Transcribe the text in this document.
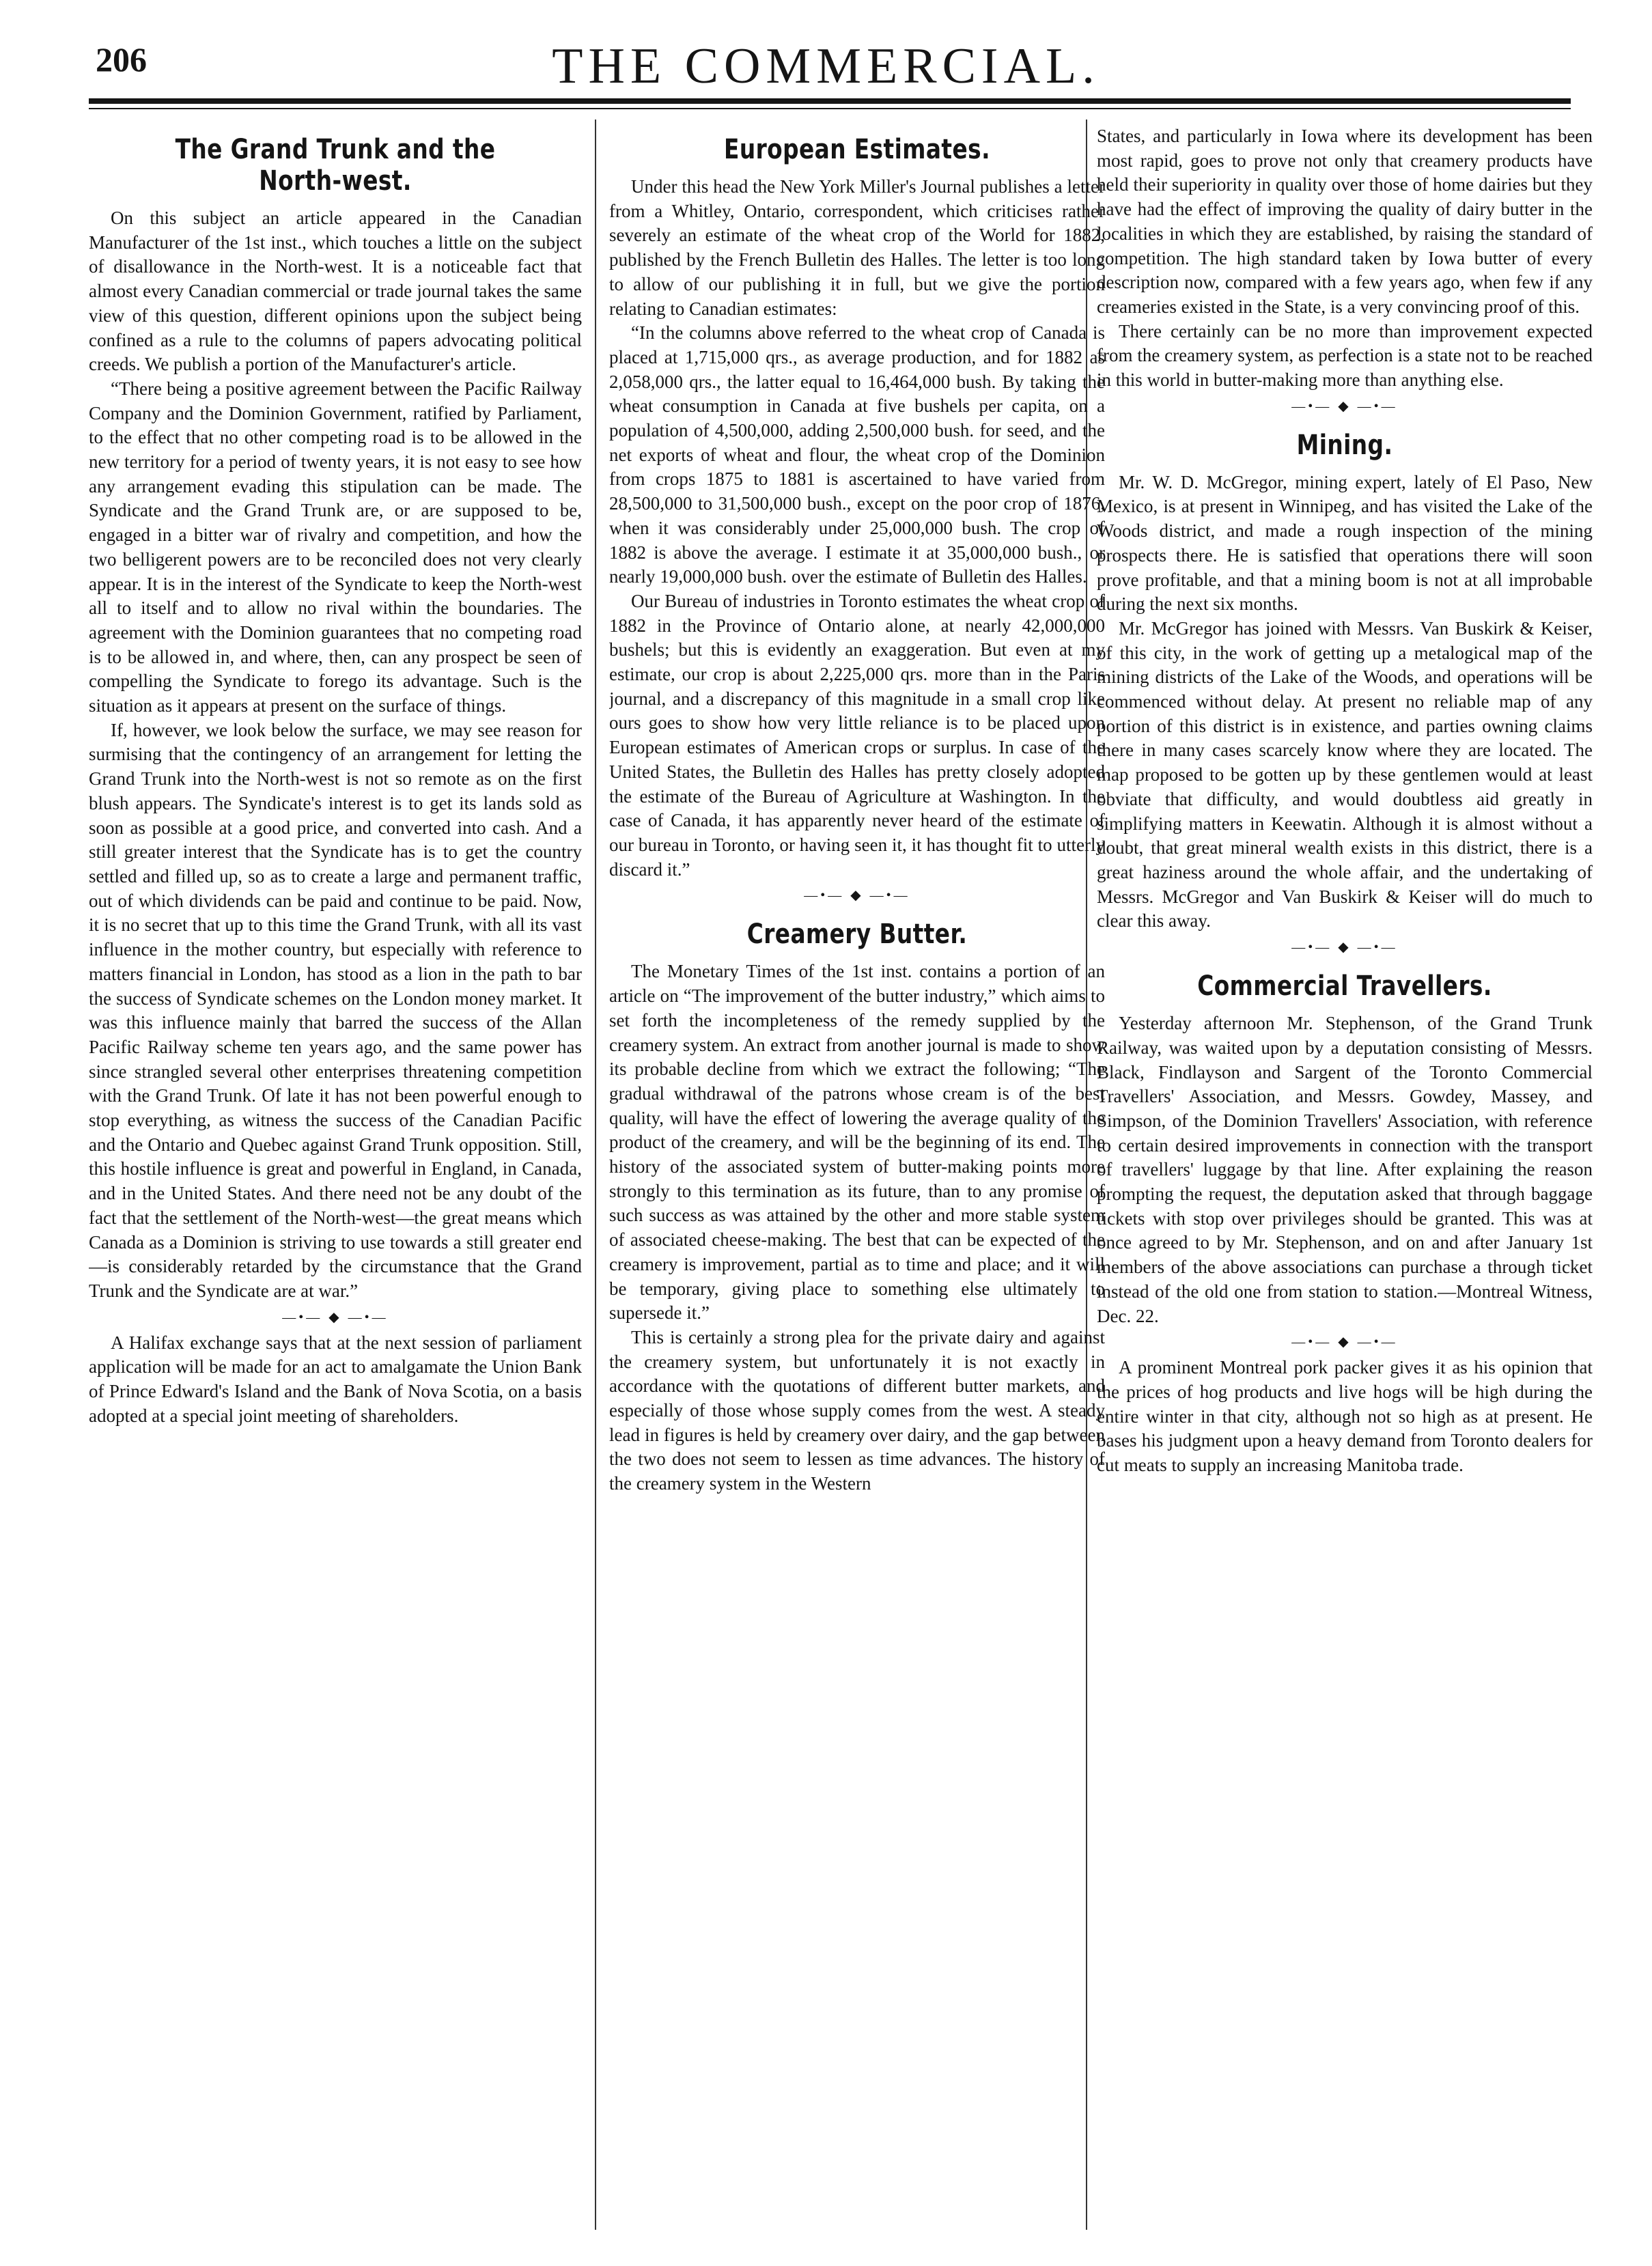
206	THE COMMERCIAL.
The Grand Trunk and the North-west.

On this subject an article appeared in the Canadian Manufacturer of the 1st inst., which touches a little on the subject of disallowance in the North-west. It is a noticeable fact that almost every Canadian commercial or trade journal takes the same view of this question, different opinions upon the subject being confined as a rule to the columns of papers advocating political creeds. We publish a portion of the Manufacturer's article.

“There being a positive agreement between the Pacific Railway Company and the Dominion Government, ratified by Parliament, to the effect that no other competing road is to be allowed in the new territory for a period of twenty years, it is not easy to see how any arrangement evading this stipulation can be made. The Syndicate and the Grand Trunk are, or are supposed to be, engaged in a bitter war of rivalry and competition, and how the two belligerent powers are to be reconciled does not very clearly appear. It is in the interest of the Syndicate to keep the North-west all to itself and to allow no rival within the boundaries. The agreement with the Dominion guarantees that no competing road is to be allowed in, and where, then, can any prospect be seen of compelling the Syndicate to forego its advantage. Such is the situation as it appears at present on the surface of things.

If, however, we look below the surface, we may see reason for surmising that the contingency of an arrangement for letting the Grand Trunk into the North-west is not so remote as on the first blush appears. The Syndicate's interest is to get its lands sold as soon as possible at a good price, and converted into cash. And a still greater interest that the Syndicate has is to get the country settled and filled up, so as to create a large and permanent traffic, out of which dividends can be paid and continue to be paid. Now, it is no secret that up to this time the Grand Trunk, with all its vast influence in the mother country, but especially with reference to matters financial in London, has stood as a lion in the path to bar the success of Syndicate schemes on the London money market. It was this influence mainly that barred the success of the Allan Pacific Railway scheme ten years ago, and the same power has since strangled several other enterprises threatening competition with the Grand Trunk. Of late it has not been powerful enough to stop everything, as witness the success of the Canadian Pacific and the Ontario and Quebec against Grand Trunk opposition. Still, this hostile influence is great and powerful in England, in Canada, and in the United States. And there need not be any doubt of the fact that the settlement of the North-west—the great means which Canada as a Dominion is striving to use towards a still greater end—is considerably retarded by the circumstance that the Grand Trunk and the Syndicate are at war.”

—•— ◆ —•—

A Halifax exchange says that at the next session of parliament application will be made for an act to amalgamate the Union Bank of Prince Edward's Island and the Bank of Nova Scotia, on a basis adopted at a special joint meeting of shareholders.

European Estimates.

Under this head the New York Miller's Journal publishes a letter from a Whitley, Ontario, correspondent, which criticises rather severely an estimate of the wheat crop of the World for 1882, published by the French Bulletin des Halles. The letter is too long to allow of our publishing it in full, but we give the portion relating to Canadian estimates:

“In the columns above referred to the wheat crop of Canada is placed at 1,715,000 qrs., as average production, and for 1882 as 2,058,000 qrs., the latter equal to 16,464,000 bush. By taking the wheat consumption in Canada at five bushels per capita, on a population of 4,500,000, adding 2,500,000 bush. for seed, and the net exports of wheat and flour, the wheat crop of the Dominion from crops 1875 to 1881 is ascertained to have varied from 28,500,000 to 31,500,000 bush., except on the poor crop of 1876, when it was considerably under 25,000,000 bush. The crop of 1882 is above the average. I estimate it at 35,000,000 bush., or nearly 19,000,000 bush. over the estimate of Bulletin des Halles.

Our Bureau of industries in Toronto estimates the wheat crop of 1882 in the Province of Ontario alone, at nearly 42,000,000 bushels; but this is evidently an exaggeration. But even at my estimate, our crop is about 2,225,000 qrs. more than in the Paris journal, and a discrepancy of this magnitude in a small crop like ours goes to show how very little reliance is to be placed upon European estimates of American crops or surplus. In case of the United States, the Bulletin des Halles has pretty closely adopted the estimate of the Bureau of Agriculture at Washington. In the case of Canada, it has apparently never heard of the estimate of our bureau in Toronto, or having seen it, it has thought fit to utterly discard it.”

—•— ◆ —•—
Creamery Butter.

The Monetary Times of the 1st inst. contains a portion of an article on “The improvement of the butter industry,” which aims to set forth the incompleteness of the remedy supplied by the creamery system. An extract from another journal is made to show its probable decline from which we extract the following; “The gradual withdrawal of the patrons whose cream is of the best quality, will have the effect of lowering the average quality of the product of the creamery, and will be the beginning of its end. The history of the associated system of butter-making points more strongly to this termination as its future, than to any promise of such success as was attained by the other and more stable system of associated cheese-making. The best that can be expected of the creamery is improvement, partial as to time and place; and it will be temporary, giving place to something else ultimately to supersede it.”

This is certainly a strong plea for the private dairy and against the creamery system, but unfortunately it is not exactly in accordance with the quotations of different butter markets, and especially of those whose supply comes from the west. A steady lead in figures is held by creamery over dairy, and the gap between the two does not seem to lessen as time advances. The history of the creamery system in the Western

States, and particularly in Iowa where its development has been most rapid, goes to prove not only that creamery products have held their superiority in quality over those of home dairies but they have had the effect of improving the quality of dairy butter in the localities in which they are established, by raising the standard of competition. The high standard taken by Iowa butter of every description now, compared with a few years ago, when few if any creameries existed in the State, is a very convincing proof of this.

There certainly can be no more than improvement expected from the creamery system, as perfection is a state not to be reached in this world in butter-making more than anything else.

—•— ◆ —•—
Mining.

Mr. W. D. McGregor, mining expert, lately of El Paso, New Mexico, is at present in Winnipeg, and has visited the Lake of the Woods district, and made a rough inspection of the mining prospects there. He is satisfied that operations there will soon prove profitable, and that a mining boom is not at all improbable during the next six months.

Mr. McGregor has joined with Messrs. Van Buskirk & Keiser, of this city, in the work of getting up a metalogical map of the mining districts of the Lake of the Woods, and operations will be commenced without delay. At present no reliable map of any portion of this district is in existence, and parties owning claims there in many cases scarcely know where they are located. The map proposed to be gotten up by these gentlemen would at least obviate that difficulty, and would doubtless aid greatly in simplifying matters in Keewatin. Although it is almost without a doubt, that great mineral wealth exists in this district, there is a great haziness around the whole affair, and the undertaking of Messrs. McGregor and Van Buskirk & Keiser will do much to clear this away.

—•— ◆ —•—
Commercial Travellers.

Yesterday afternoon Mr. Stephenson, of the Grand Trunk Railway, was waited upon by a deputation consisting of Messrs. Black, Findlayson and Sargent of the Toronto Commercial Travellers' Association, and Messrs. Gowdey, Massey, and Simpson, of the Dominion Travellers' Association, with reference to certain desired improvements in connection with the transport of travellers' luggage by that line. After explaining the reason prompting the request, the deputation asked that through baggage tickets with stop over privileges should be granted. This was at once agreed to by Mr. Stephenson, and on and after January 1st members of the above associations can purchase a through ticket instead of the old one from station to station.—Montreal Witness, Dec. 22.

—•— ◆ —•—

A prominent Montreal pork packer gives it as his opinion that the prices of hog products and live hogs will be high during the entire winter in that city, although not so high as at present. He bases his judgment upon a heavy demand from Toronto dealers for cut meats to supply an increasing Manitoba trade.
